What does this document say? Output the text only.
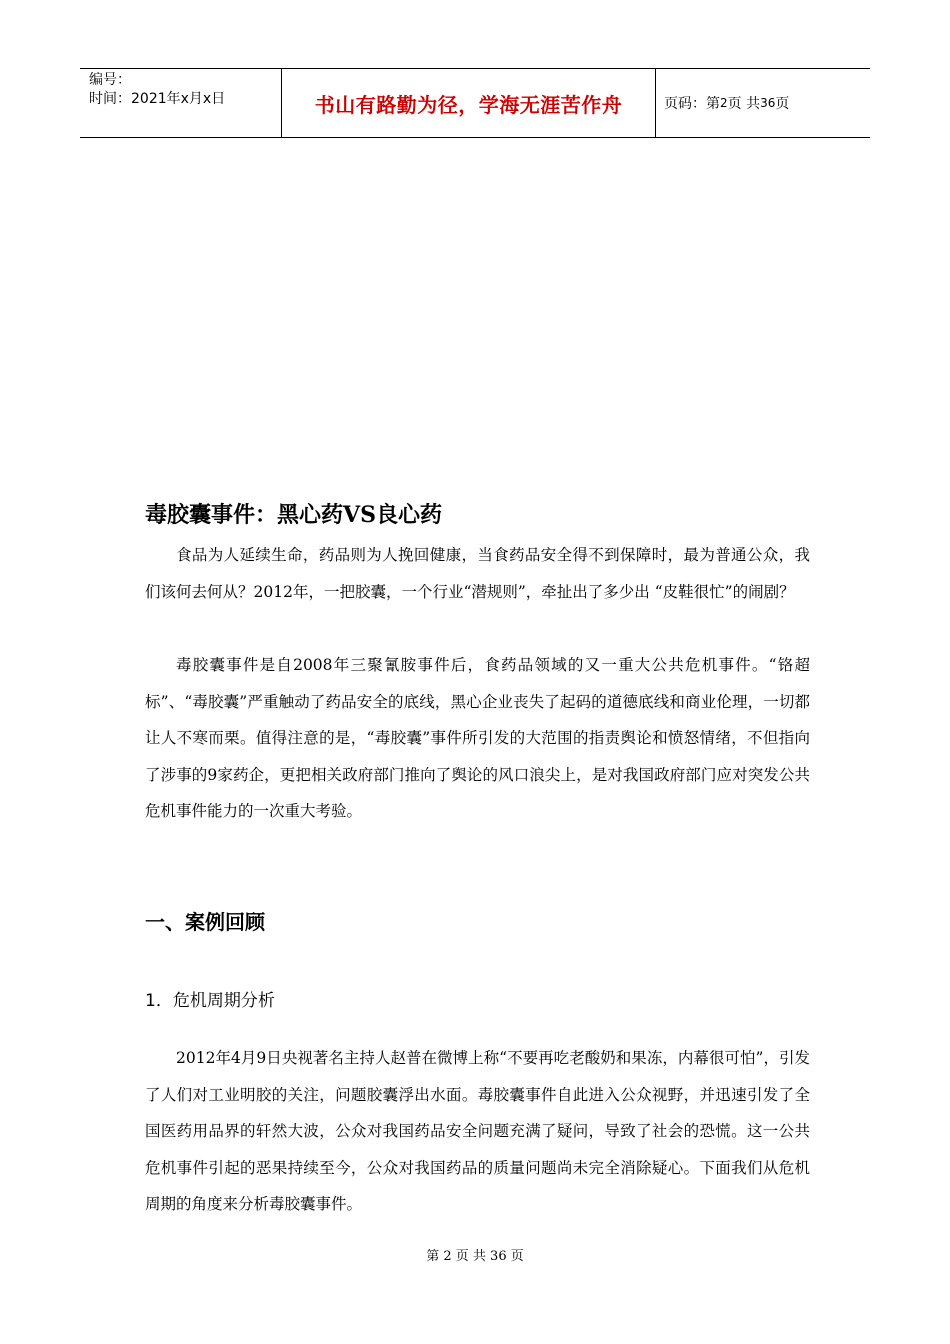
编号：
时间：2021年x月x日	书山有路勤为径，学海无涯苦作舟	页码：第 2 页 共 36 页
毒胶囊事件：黑心药VS良心药
食品为人延续生命，药品则为人挽回健康，当食药品安全得不到保障时，最为普通公众，我们该何去何从？2012年，一把胶囊，一个行业“潜规则”，牵扯出了多少出 “皮鞋很忙”的闹剧？
毒胶囊事件是自2008年三聚氰胺事件后，食药品领域的又一重大公共危机事件。“铬超标”、“毒胶囊”严重触动了药品安全的底线，黑心企业丧失了起码的道德底线和商业伦理，一切都让人不寒而栗。值得注意的是，“毒胶囊”事件所引发的大范围的指责舆论和愤怒情绪，不但指向了涉事的9家药企，更把相关政府部门推向了舆论的风口浪尖上，是对我国政府部门应对突发公共危机事件能力的一次重大考验。
一、案例回顾
1．危机周期分析
2012年4月9日央视著名主持人赵普在微博上称“不要再吃老酸奶和果冻，内幕很可怕”，引发了人们对工业明胶的关注，问题胶囊浮出水面。毒胶囊事件自此进入公众视野，并迅速引发了全国医药用品界的轩然大波，公众对我国药品安全问题充满了疑问，导致了社会的恐慌。这一公共危机事件引起的恶果持续至今，公众对我国药品的质量问题尚未完全消除疑心。下面我们从危机周期的角度来分析毒胶囊事件。
第 2 页 共 36 页
